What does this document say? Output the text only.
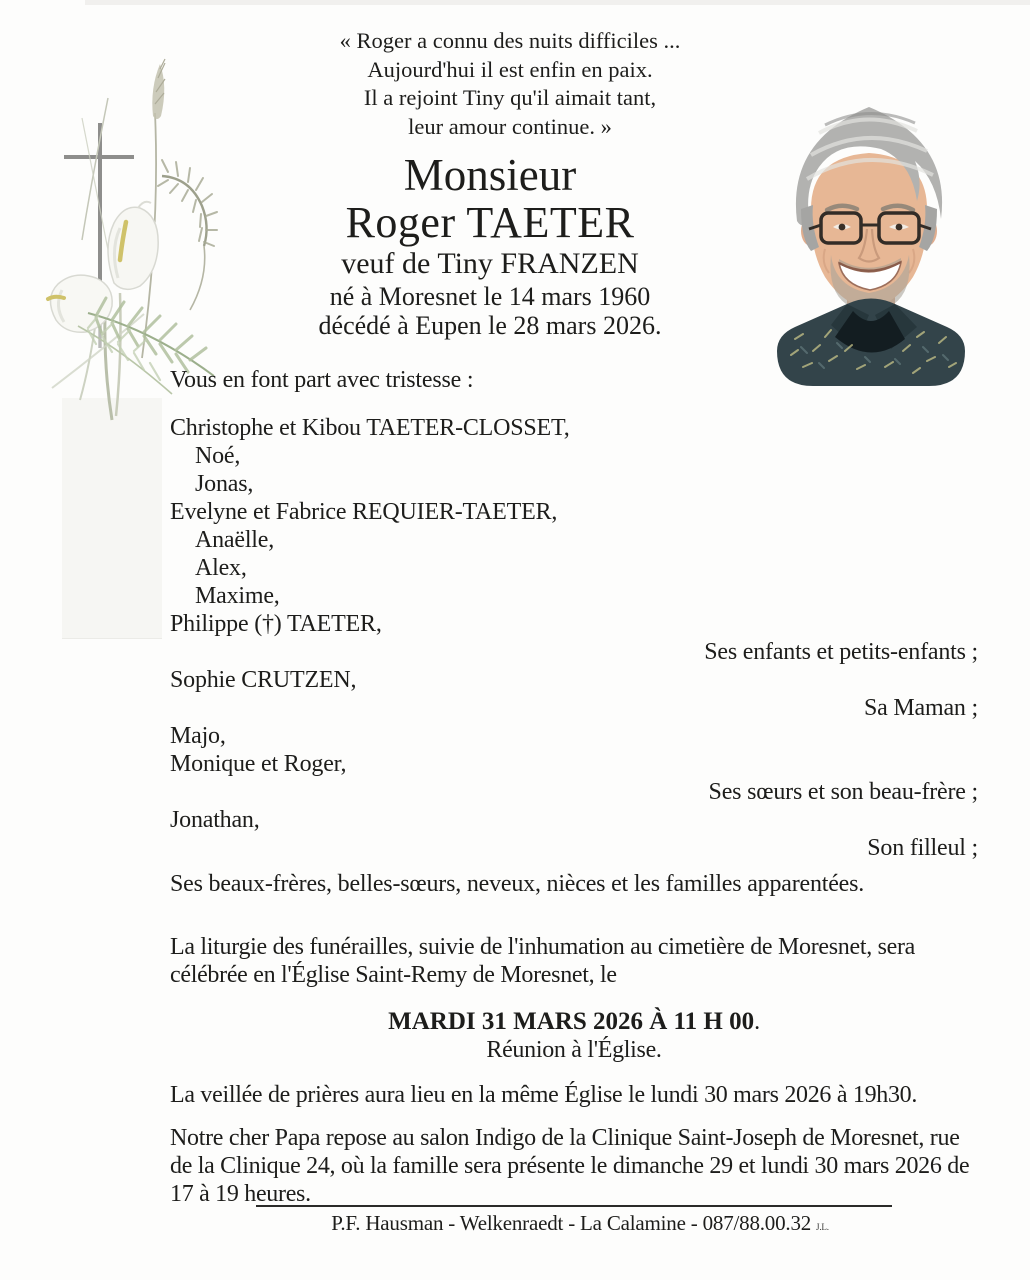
« Roger a connu des nuits difficiles ...
Aujourd'hui il est enfin en paix.
Il a rejoint Tiny qu'il aimait tant,
leur amour continue. »
Monsieur
Roger TAETER
veuf de Tiny FRANZEN
né à Moresnet le 14 mars 1960
décédé à Eupen le 28 mars 2026.
Vous en font part avec tristesse :
Christophe et Kibou TAETER-CLOSSET,
Noé,
Jonas,
Evelyne et Fabrice REQUIER-TAETER,
Anaëlle,
Alex,
Maxime,
Philippe (†) TAETER,
Ses enfants et petits-enfants ;
Sophie CRUTZEN,
Sa Maman ;
Majo,
Monique et Roger,
Ses sœurs et son beau-frère ;
Jonathan,
Son filleul ;
Ses beaux-frères, belles-sœurs, neveux, nièces et les familles apparentées.
La liturgie des funérailles, suivie de l'inhumation au cimetière de Moresnet, sera
célébrée en l'Église Saint-Remy de Moresnet, le
MARDI 31 MARS 2026 À 11 H 00.
Réunion à l'Église.
La veillée de prières aura lieu en la même Église le lundi 30 mars 2026 à 19h30.
Notre cher Papa repose au salon Indigo de la Clinique Saint-Joseph de Moresnet, rue
de la Clinique 24, où la famille sera présente le dimanche 29 et lundi 30 mars 2026 de
17 à 19 heures.
P.F. Hausman - Welkenraedt - La Calamine - 087/88.00.32 J.L.
